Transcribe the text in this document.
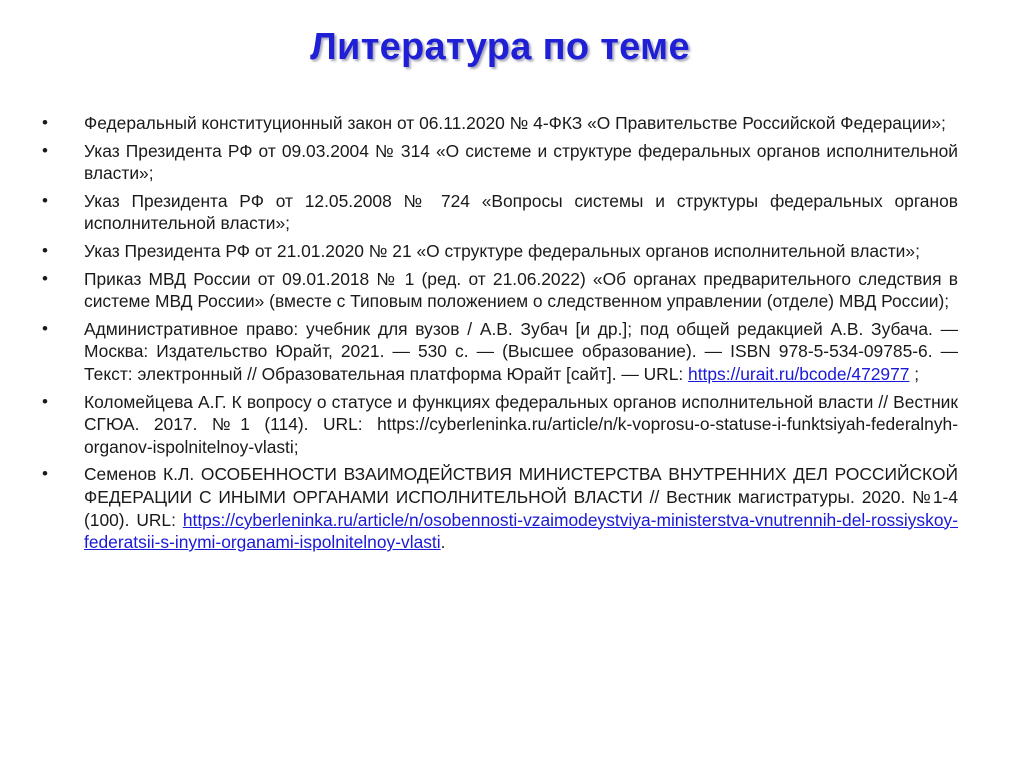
Литература по теме
•	Федеральный конституционный закон от 06.11.2020 № 4-ФКЗ «О Правительстве Российской Федерации»;
•	Указ Президента РФ от 09.03.2004 № 314 «О системе и структуре федеральных органов исполнительной власти»;
•	Указ Президента РФ от 12.05.2008 № 724 «Вопросы системы и структуры федеральных органов исполнительной власти»;
•	Указ Президента РФ от 21.01.2020 № 21 «О структуре федеральных органов исполнительной власти»;
•	Приказ МВД России от 09.01.2018 № 1 (ред. от 21.06.2022) «Об органах предварительного следствия в системе МВД России» (вместе с Типовым положением о следственном управлении (отделе) МВД России);
•	Административное право: учебник для вузов / А.В. Зубач [и др.]; под общей редакцией А.В. Зубача. — Москва: Издательство Юрайт, 2021. — 530 с. — (Высшее образование). — ISBN 978-5-534-09785-6. — Текст: электронный // Образовательная платформа Юрайт [сайт]. — URL: https://urait.ru/bcode/472977 ;
•	Коломейцева А.Г. К вопросу о статусе и функциях федеральных органов исполнительной власти // Вестник СГЮА. 2017. №1 (114). URL: https://cyberleninka.ru/article/n/k-voprosu-o-statuse-i-funktsiyah-federalnyh-organov-ispolnitelnoy-vlasti;
•	Семенов К.Л. ОСОБЕННОСТИ ВЗАИМОДЕЙСТВИЯ МИНИСТЕРСТВА ВНУТРЕННИХ ДЕЛ РОССИЙСКОЙ ФЕДЕРАЦИИ С ИНЫМИ ОРГАНАМИ ИСПОЛНИТЕЛЬНОЙ ВЛАСТИ // Вестник магистратуры. 2020. №1-4 (100). URL: https://cyberleninka.ru/article/n/osobennosti-vzaimodeystviya-ministerstva-vnutrennih-del-rossiyskoy-federatsii-s-inymi-organami-ispolnitelnoy-vlasti.
